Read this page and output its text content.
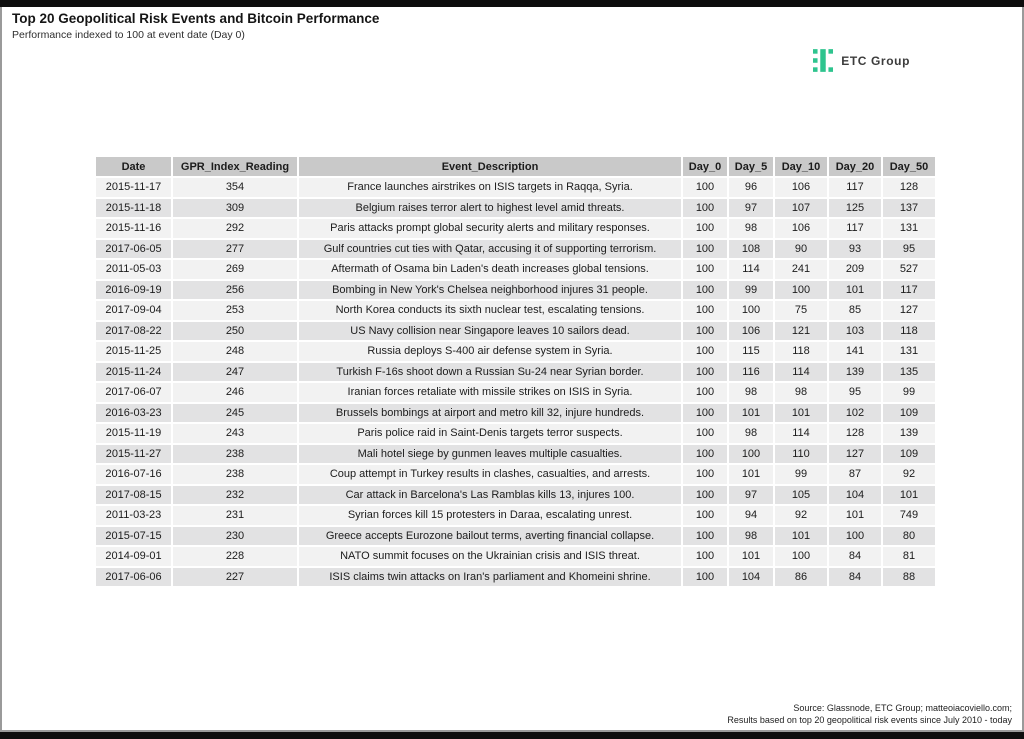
Top 20 Geopolitical Risk Events and Bitcoin Performance
Performance indexed to 100 at event date (Day 0)
ETC Group
Date	GPR_Index_Reading	Event_Description	Day_0	Day_5	Day_10	Day_20	Day_50
2015-11-17	354	France launches airstrikes on ISIS targets in Raqqa, Syria.	100	96	106	117	128
2015-11-18	309	Belgium raises terror alert to highest level amid threats.	100	97	107	125	137
2015-11-16	292	Paris attacks prompt global security alerts and military responses.	100	98	106	117	131
2017-06-05	277	Gulf countries cut ties with Qatar, accusing it of supporting terrorism.	100	108	90	93	95
2011-05-03	269	Aftermath of Osama bin Laden's death increases global tensions.	100	114	241	209	527
2016-09-19	256	Bombing in New York's Chelsea neighborhood injures 31 people.	100	99	100	101	117
2017-09-04	253	North Korea conducts its sixth nuclear test, escalating tensions.	100	100	75	85	127
2017-08-22	250	US Navy collision near Singapore leaves 10 sailors dead.	100	106	121	103	118
2015-11-25	248	Russia deploys S-400 air defense system in Syria.	100	115	118	141	131
2015-11-24	247	Turkish F-16s shoot down a Russian Su-24 near Syrian border.	100	116	114	139	135
2017-06-07	246	Iranian forces retaliate with missile strikes on ISIS in Syria.	100	98	98	95	99
2016-03-23	245	Brussels bombings at airport and metro kill 32, injure hundreds.	100	101	101	102	109
2015-11-19	243	Paris police raid in Saint-Denis targets terror suspects.	100	98	114	128	139
2015-11-27	238	Mali hotel siege by gunmen leaves multiple casualties.	100	100	110	127	109
2016-07-16	238	Coup attempt in Turkey results in clashes, casualties, and arrests.	100	101	99	87	92
2017-08-15	232	Car attack in Barcelona's Las Ramblas kills 13, injures 100.	100	97	105	104	101
2011-03-23	231	Syrian forces kill 15 protesters in Daraa, escalating unrest.	100	94	92	101	749
2015-07-15	230	Greece accepts Eurozone bailout terms, averting financial collapse.	100	98	101	100	80
2014-09-01	228	NATO summit focuses on the Ukrainian crisis and ISIS threat.	100	101	100	84	81
2017-06-06	227	ISIS claims twin attacks on Iran's parliament and Khomeini shrine.	100	104	86	84	88
Source: Glassnode, ETC Group; matteoiacoviello.com;
Results based on top 20 geopolitical risk events since July 2010 - today
